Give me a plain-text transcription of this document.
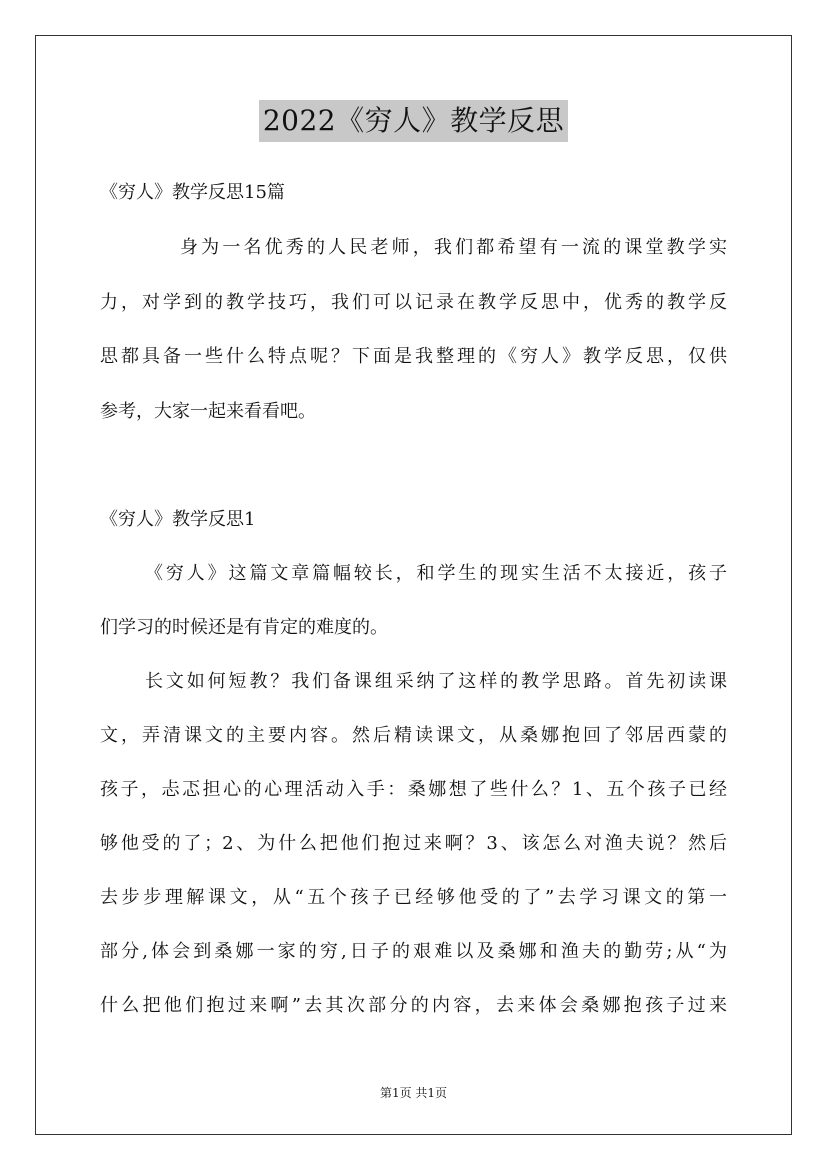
2022《穷人》教学反思
《穷人》教学反思15篇
身为一名优秀的人民老师，我们都希望有一流的课堂教学实
力，对学到的教学技巧，我们可以记录在教学反思中，优秀的教学反
思都具备一些什么特点呢？下面是我整理的《穷人》教学反思，仅供
参考，大家一起来看看吧。
《穷人》教学反思1
《穷人》这篇文章篇幅较长，和学生的现实生活不太接近，孩子
们学习的时候还是有肯定的难度的。
长文如何短教？我们备课组采纳了这样的教学思路。首先初读课
文，弄清课文的主要内容。然后精读课文，从桑娜抱回了邻居西蒙的
孩子，忐忑担心的心理活动入手：桑娜想了些什么？1、五个孩子已经
够他受的了；2、为什么把他们抱过来啊？3、该怎么对渔夫说？然后
去步步理解课文，从“五个孩子已经够他受的了”去学习课文的第一
部分,体会到桑娜一家的穷,日子的艰难以及桑娜和渔夫的勤劳;从“为
什么把他们抱过来啊”去其次部分的内容，去来体会桑娜抱孩子过来
第1页 共1页
